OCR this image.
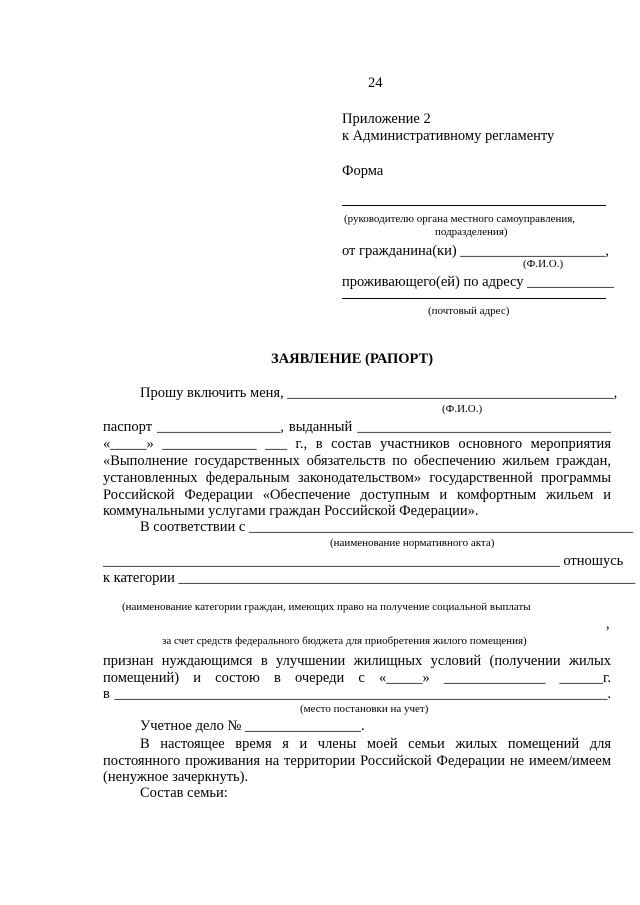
24
Приложение 2
к Административному регламенту
Форма
(руководителю органа местного самоуправления,
подразделения)
от гражданина(ки) ____________________,
(Ф.И.О.)
проживающего(ей) по адресу ____________
(почтовый адрес)
ЗАЯВЛЕНИЕ (РАПОРТ)
Прошу включить меня, _____________________________________________,
(Ф.И.О.)
паспорт _________________, выданный ___________________________________
«_____» _____________ ___ г., в состав участников основного мероприятия
«Выполнение государственных обязательств по обеспечению жильем граждан,
установленных федеральным законодательством» государственной программы
Российской Федерации «Обеспечение доступным и комфортным жильем и
коммунальными услугами граждан Российской Федерации».
В соответствии с _____________________________________________________
(наименование нормативного акта)
_______________________________________________________________ отношусь
к категории _______________________________________________________________
(наименование категории граждан, имеющих право на получение социальной выплаты
,
за счет средств федерального бюджета для приобретения жилого помещения)
признан нуждающимся в улучшении жилищных условий (получении жилых
помещений) и состою в очереди с «_____» ______________ ______г.
в ____________________________________________________________________.
(место постановки на учет)
Учетное дело № ________________.
В настоящее время я и члены моей семьи жилых помещений для
постоянного проживания на территории Российской Федерации не имеем/имеем
(ненужное зачеркнуть).
Состав семьи:
